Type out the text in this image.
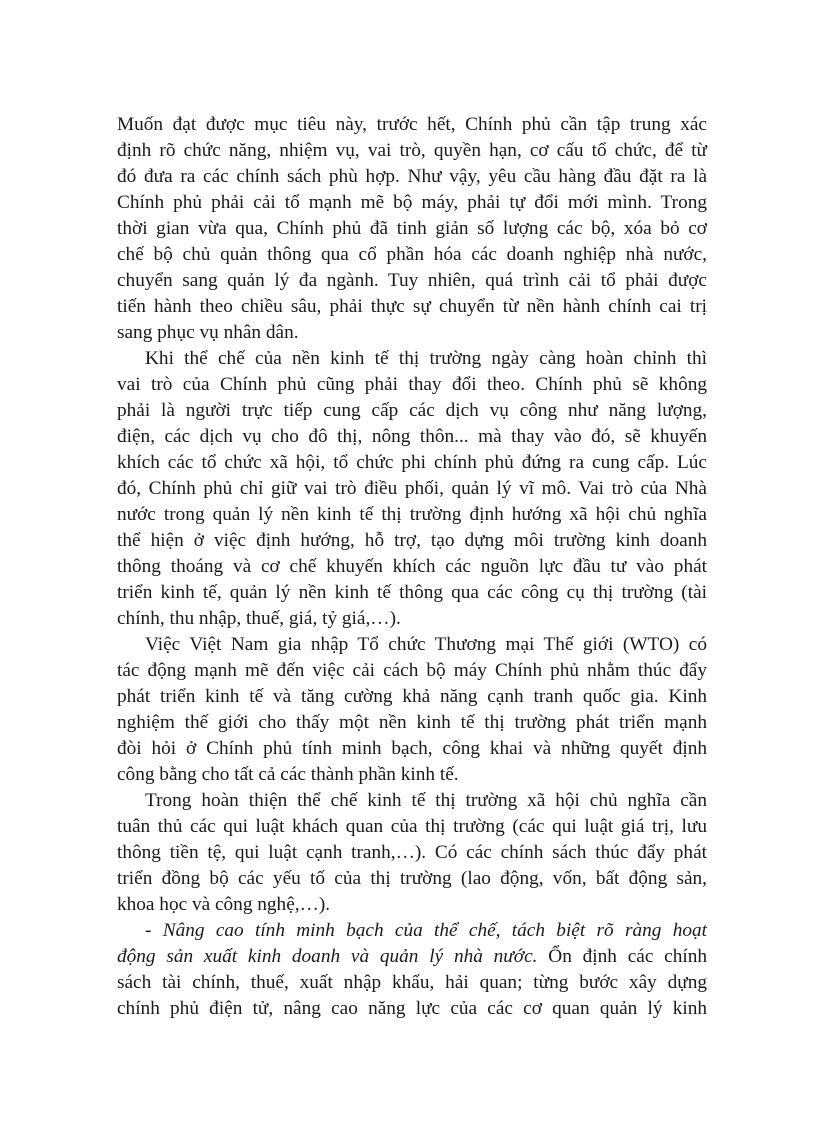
Muốn đạt được mục tiêu này, trước hết, Chính phủ cần tập trung xác
định rõ chức năng, nhiệm vụ, vai trò, quyền hạn, cơ cấu tổ chức, để từ
đó đưa ra các chính sách phù hợp. Như vậy, yêu cầu hàng đầu đặt ra là
Chính phủ phải cải tổ mạnh mẽ bộ máy, phải tự đổi mới mình. Trong
thời gian vừa qua, Chính phủ đã tinh giản số lượng các bộ, xóa bỏ cơ
chế bộ chủ quản thông qua cổ phần hóa các doanh nghiệp nhà nước,
chuyển sang quản lý đa ngành. Tuy nhiên, quá trình cải tổ phải được
tiến hành theo chiều sâu, phải thực sự chuyển từ nền hành chính cai trị
sang phục vụ nhân dân.

Khi thể chế của nền kinh tế thị trường ngày càng hoàn chỉnh thì
vai trò của Chính phủ cũng phải thay đổi theo. Chính phủ sẽ không
phải là người trực tiếp cung cấp các dịch vụ công như năng lượng,
điện, các dịch vụ cho đô thị, nông thôn... mà thay vào đó, sẽ khuyến
khích các tổ chức xã hội, tổ chức phi chính phủ đứng ra cung cấp. Lúc
đó, Chính phủ chỉ giữ vai trò điều phối, quản lý vĩ mô. Vai trò của Nhà
nước trong quản lý nền kinh tế thị trường định hướng xã hội chủ nghĩa
thể hiện ở việc định hướng, hỗ trợ, tạo dựng môi trường kinh doanh
thông thoáng và cơ chế khuyến khích các nguồn lực đầu tư vào phát
triển kinh tế, quản lý nền kinh tế thông qua các công cụ thị trường (tài
chính, thu nhập, thuế, giá, tỷ giá,…).

Việc Việt Nam gia nhập Tổ chức Thương mại Thế giới (WTO) có
tác động mạnh mẽ đến việc cải cách bộ máy Chính phủ nhằm thúc đẩy
phát triển kinh tế và tăng cường khả năng cạnh tranh quốc gia. Kinh
nghiệm thế giới cho thấy một nền kinh tế thị trường phát triển mạnh
đòi hỏi ở Chính phủ tính minh bạch, công khai và những quyết định
công bằng cho tất cả các thành phần kinh tế.

Trong hoàn thiện thể chế kinh tế thị trường xã hội chủ nghĩa cần
tuân thủ các qui luật khách quan của thị trường (các qui luật giá trị, lưu
thông tiền tệ, qui luật cạnh tranh,…). Có các chính sách thúc đẩy phát
triển đồng bộ các yếu tố của thị trường (lao động, vốn, bất động sản,
khoa học và công nghệ,…).

- Nâng cao tính minh bạch của thể chế, tách biệt rõ ràng hoạt
động sản xuất kinh doanh và quản lý nhà nước. Ổn định các chính
sách tài chính, thuế, xuất nhập khẩu, hải quan; từng bước xây dựng
chính phủ điện tử, nâng cao năng lực của các cơ quan quản lý kinh
